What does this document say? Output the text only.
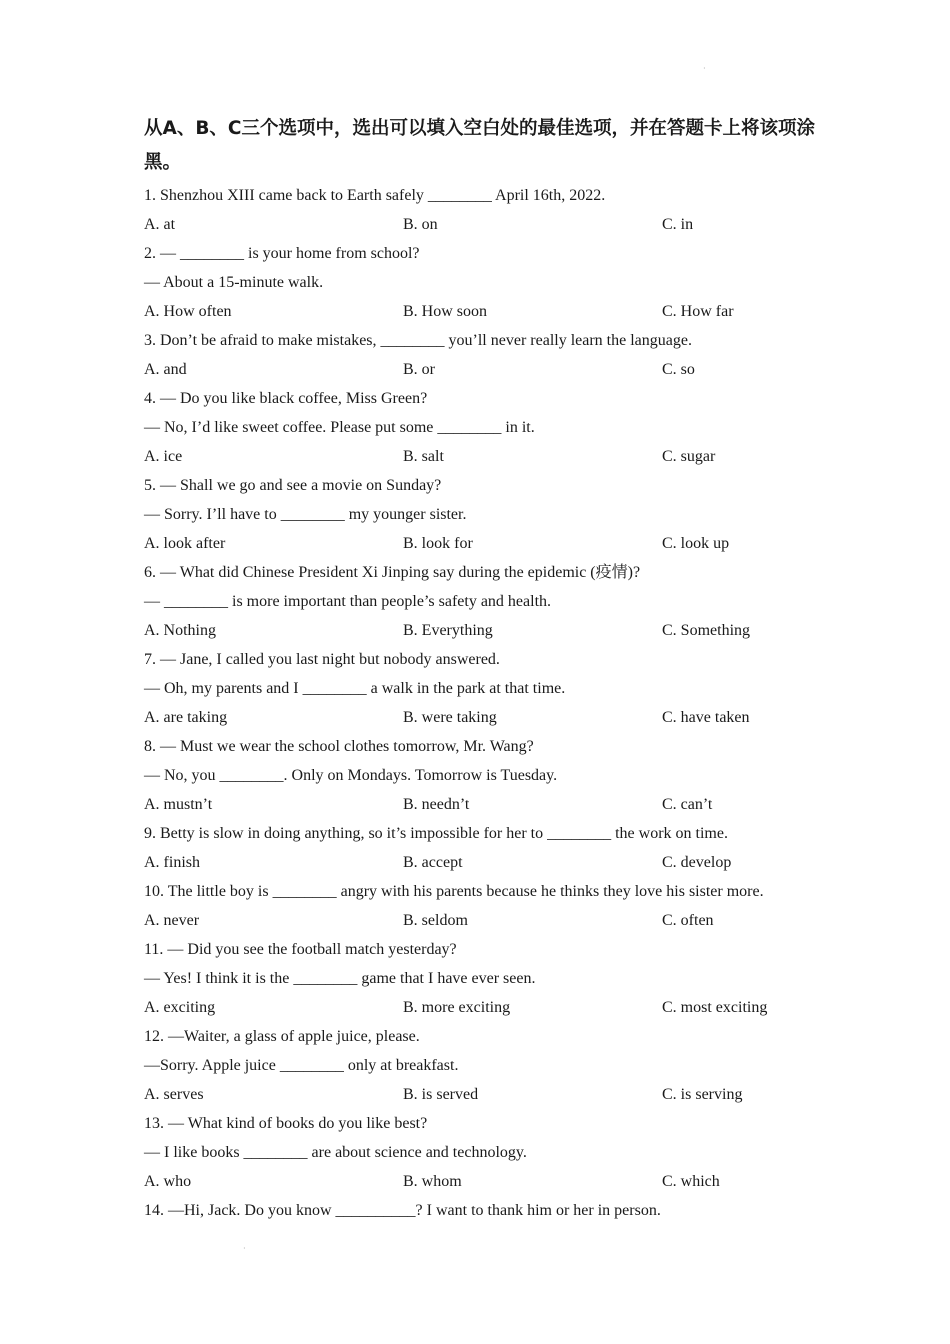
·
·
从A、B、C三个选项中，选出可以填入空白处的最佳选项，并在答题卡上将该项涂黑。
1. Shenzhou XIII came back to Earth safely ________ April 16th, 2022.
A. at	B. on	C. in
2. — ________ is your home from school?
— About a 15-minute walk.
A. How often	B. How soon	C. How far
3. Don’t be afraid to make mistakes, ________ you’ll never really learn the language.
A. and	B. or	C. so
4. — Do you like black coffee, Miss Green?
— No, I’d like sweet coffee. Please put some ________ in it.
A. ice	B. salt	C. sugar
5. — Shall we go and see a movie on Sunday?
— Sorry. I’ll have to ________ my younger sister.
A. look after	B. look for	C. look up
6. — What did Chinese President Xi Jinping say during the epidemic (疫情)?
— ________ is more important than people’s safety and health.
A. Nothing	B. Everything	C. Something
7. — Jane, I called you last night but nobody answered.
— Oh, my parents and I ________ a walk in the park at that time.
A. are taking	B. were taking	C. have taken
8. — Must we wear the school clothes tomorrow, Mr. Wang?
— No, you ________. Only on Mondays. Tomorrow is Tuesday.
A. mustn’t	B. needn’t	C. can’t
9. Betty is slow in doing anything, so it’s impossible for her to ________ the work on time.
A. finish	B. accept	C. develop
10. The little boy is ________ angry with his parents because he thinks they love his sister more.
A. never	B. seldom	C. often
11. — Did you see the football match yesterday?
— Yes! I think it is the ________ game that I have ever seen.
A. exciting	B. more exciting	C. most exciting
12. —Waiter, a glass of apple juice, please.
—Sorry. Apple juice ________ only at breakfast.
A. serves	B. is served	C. is serving
13. — What kind of books do you like best?
— I like books ________ are about science and technology.
A. who	B. whom	C. which
14. —Hi, Jack. Do you know __________? I want to thank him or her in person.
